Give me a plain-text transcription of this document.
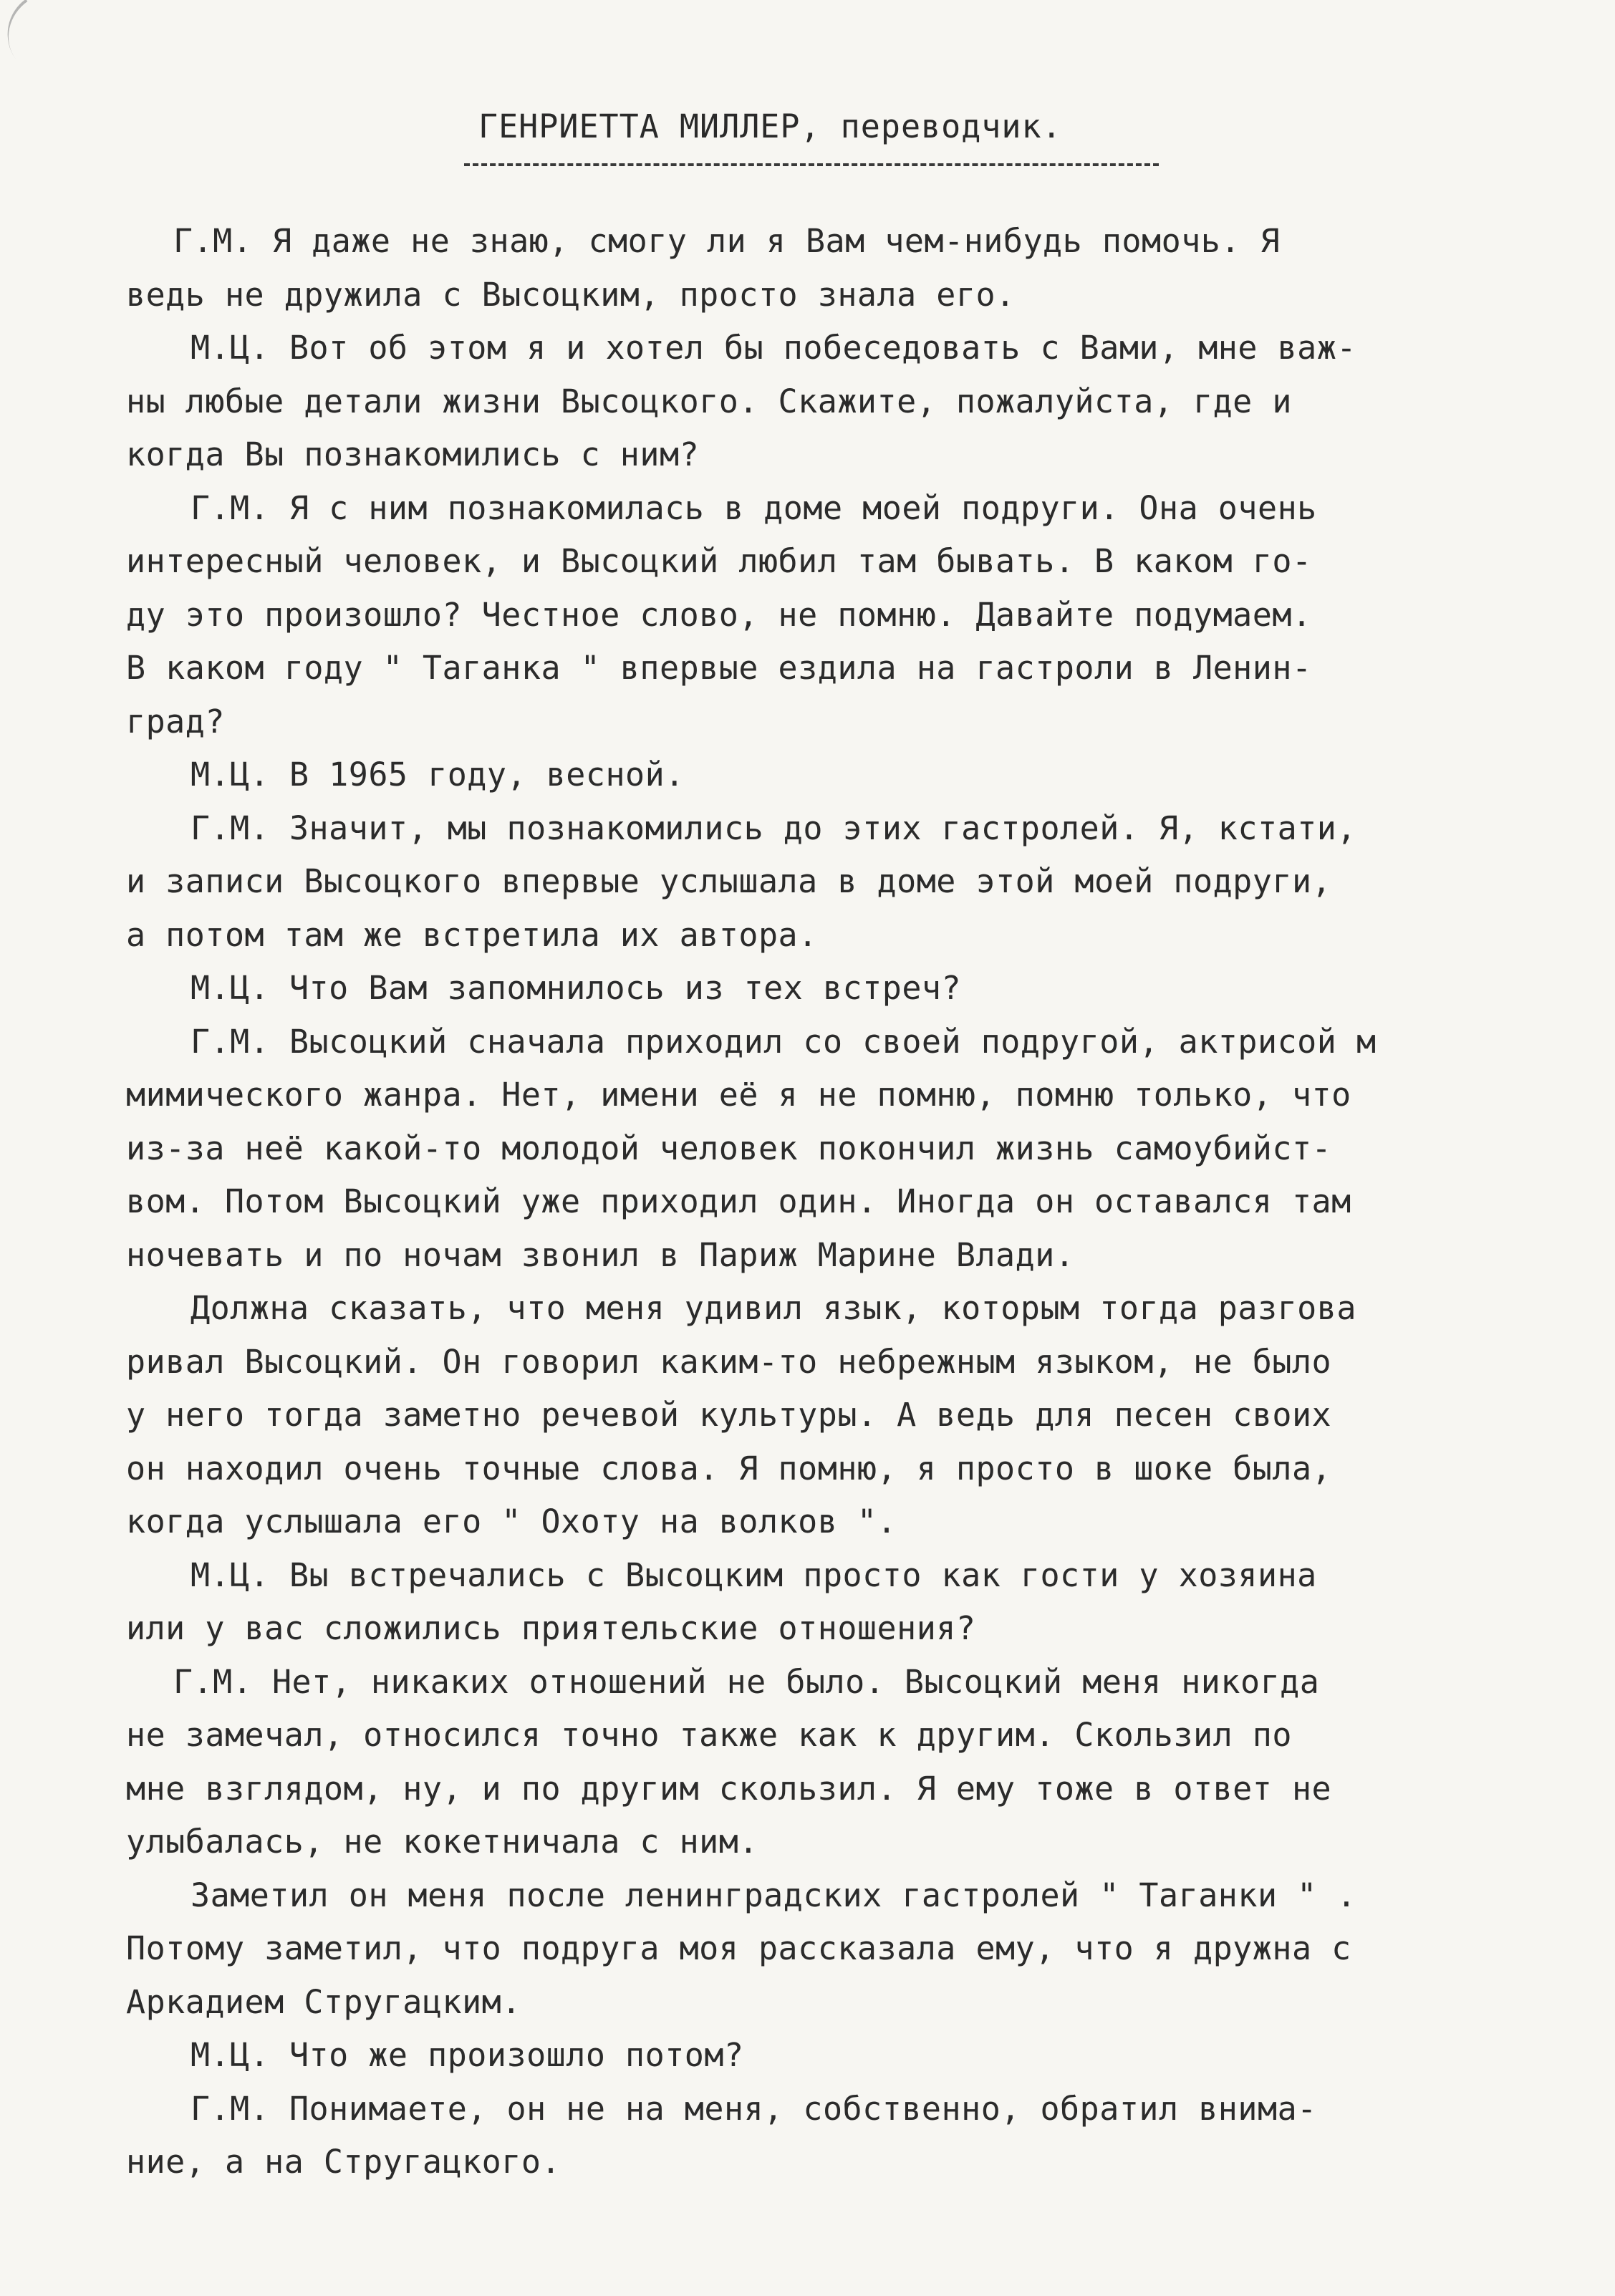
ГЕНРИЕТТА МИЛЛЕР, переводчик.
Г.М. Я даже не знаю, смогу ли я Вам чем-нибудь помочь. Я
ведь не дружила с Высоцким, просто знала его.
М.Ц. Вот об этом я и хотел бы побеседовать с Вами, мне важ-
ны любые детали жизни Высоцкого. Скажите, пожалуйста, где и
когда Вы познакомились с ним?
Г.М. Я с ним познакомилась в доме моей подруги. Она очень
интересный человек, и Высоцкий любил там бывать. В каком го-
ду это произошло? Честное слово, не помню. Давайте подумаем.
В каком году " Таганка " впервые ездила на гастроли в Ленин-
град?
М.Ц. В 1965 году, весной.
Г.М. Значит, мы познакомились до этих гастролей. Я, кстати,
и записи Высоцкого впервые услышала в доме этой моей подруги,
а потом там же встретила их автора.
М.Ц. Что Вам запомнилось из тех встреч?
Г.М. Высоцкий сначала приходил со своей подругой, актрисой м
мимического жанра. Нет, имени её я не помню, помню только, что
из-за неё какой-то молодой человек покончил жизнь самоубийст-
вом. Потом Высоцкий уже приходил один. Иногда он оставался там
ночевать и по ночам звонил в Париж Марине Влади.
Должна сказать, что меня удивил язык, которым тогда разгова
ривал Высоцкий. Он говорил каким-то небрежным языком, не было
у него тогда заметно речевой культуры. А ведь для песен своих
он находил очень точные слова. Я помню, я просто в шоке была,
когда услышала его " Охоту на волков ".
М.Ц. Вы встречались с Высоцким просто как гости у хозяина
или у вас сложились приятельские отношения?
Г.М. Нет, никаких отношений не было. Высоцкий меня никогда
не замечал, относился точно также как к другим. Скользил по
мне взглядом, ну, и по другим скользил. Я ему тоже в ответ не
улыбалась, не кокетничала с ним.
Заметил он меня после ленинградских гастролей " Таганки " .
Потому заметил, что подруга моя рассказала ему, что я дружна с
Аркадием Стругацким.
М.Ц. Что же произошло потом?
Г.М. Понимаете, он не на меня, собственно, обратил внима-
ние, а на Стругацкого.
